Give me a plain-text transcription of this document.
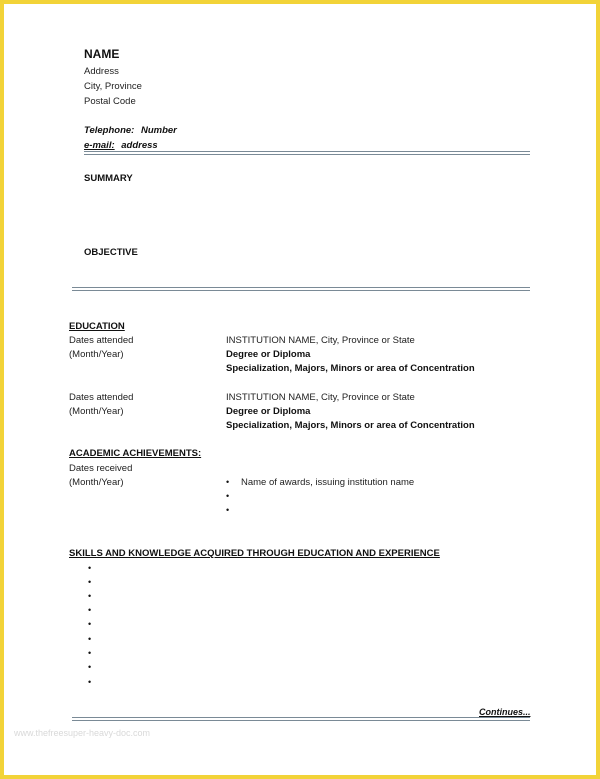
NAME
Address
City, Province
Postal Code
Telephone: Number
e-mail: address
SUMMARY
OBJECTIVE
EDUCATION
Dates attended
(Month/Year)
INSTITUTION NAME, City, Province or State
Degree or Diploma
Specialization, Majors, Minors or area of Concentration
Dates attended
(Month/Year)
INSTITUTION NAME, City, Province or State
Degree or Diploma
Specialization, Majors, Minors or area of Concentration
ACADEMIC ACHIEVEMENTS:
Dates received
(Month/Year)	• Name of awards, issuing institution name
•
•
SKILLS AND KNOWLEDGE ACQUIRED THROUGH EDUCATION AND EXPERIENCE
•
•
•
•
•
•
•
•
•
Continues...
www.thefreesuper-heavy-doc.com
